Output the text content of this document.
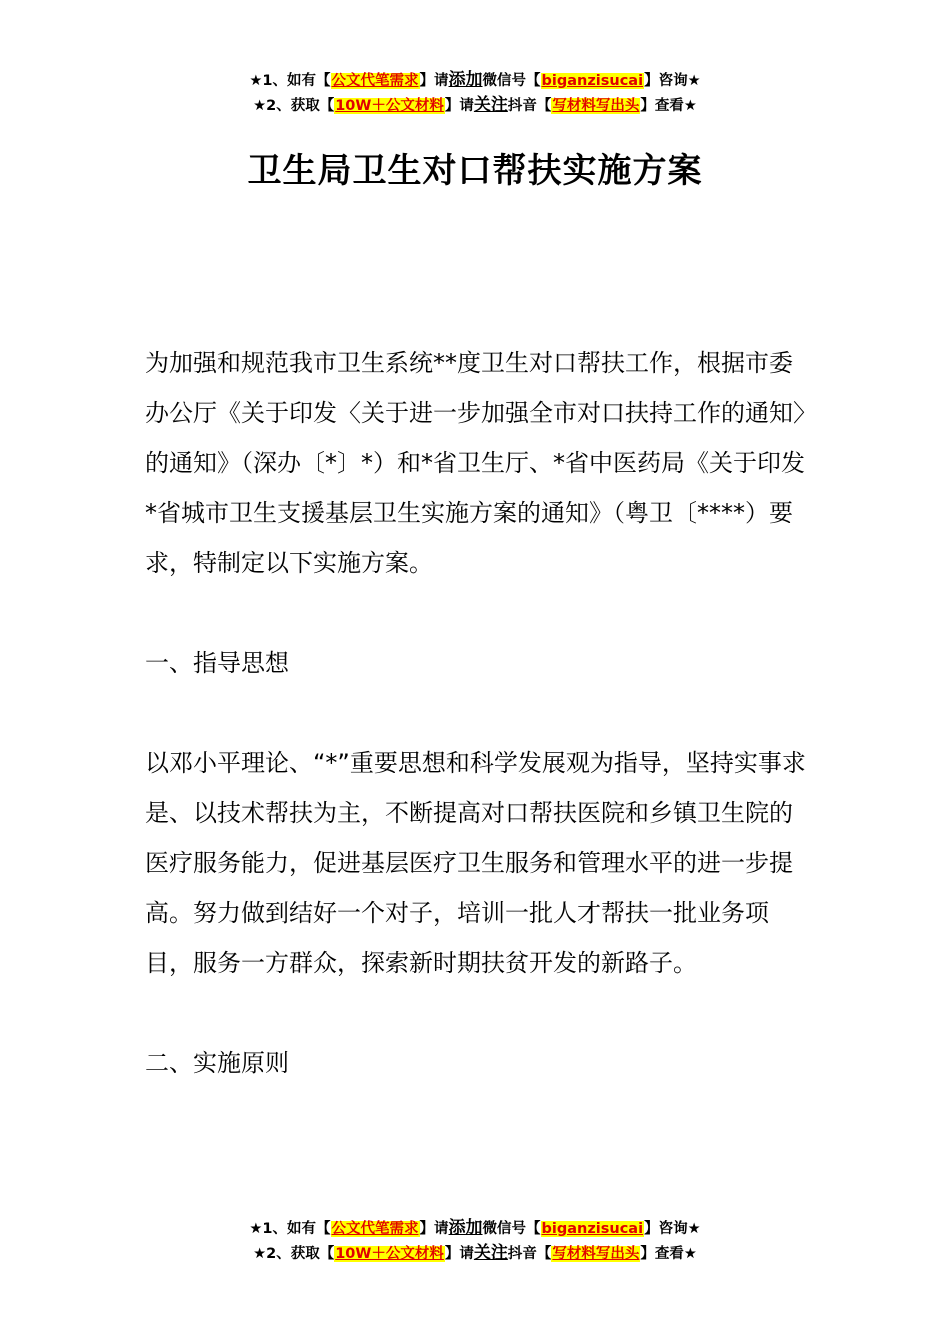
★1、如有【公文代笔需求】请添加微信号【biganzisucai】咨询★
★2、获取【10W＋公文材料】请关注抖音【写材料写出头】查看★
卫生局卫生对口帮扶实施方案

为加强和规范我市卫生系统**度卫生对口帮扶工作，根据市委办公厅《关于印发〈关于进一步加强全市对口扶持工作的通知〉的通知》（深办〔*〕*）和*省卫生厅、*省中医药局《关于印发*省城市卫生支援基层卫生实施方案的通知》（粤卫〔****）要求，特制定以下实施方案。

一、指导思想

以邓小平理论、“*”重要思想和科学发展观为指导，坚持实事求是、以技术帮扶为主，不断提高对口帮扶医院和乡镇卫生院的医疗服务能力，促进基层医疗卫生服务和管理水平的进一步提高。努力做到结好一个对子，培训一批人才帮扶一批业务项目，服务一方群众，探索新时期扶贫开发的新路子。

二、实施原则

★1、如有【公文代笔需求】请添加微信号【biganzisucai】咨询★
★2、获取【10W＋公文材料】请关注抖音【写材料写出头】查看★
